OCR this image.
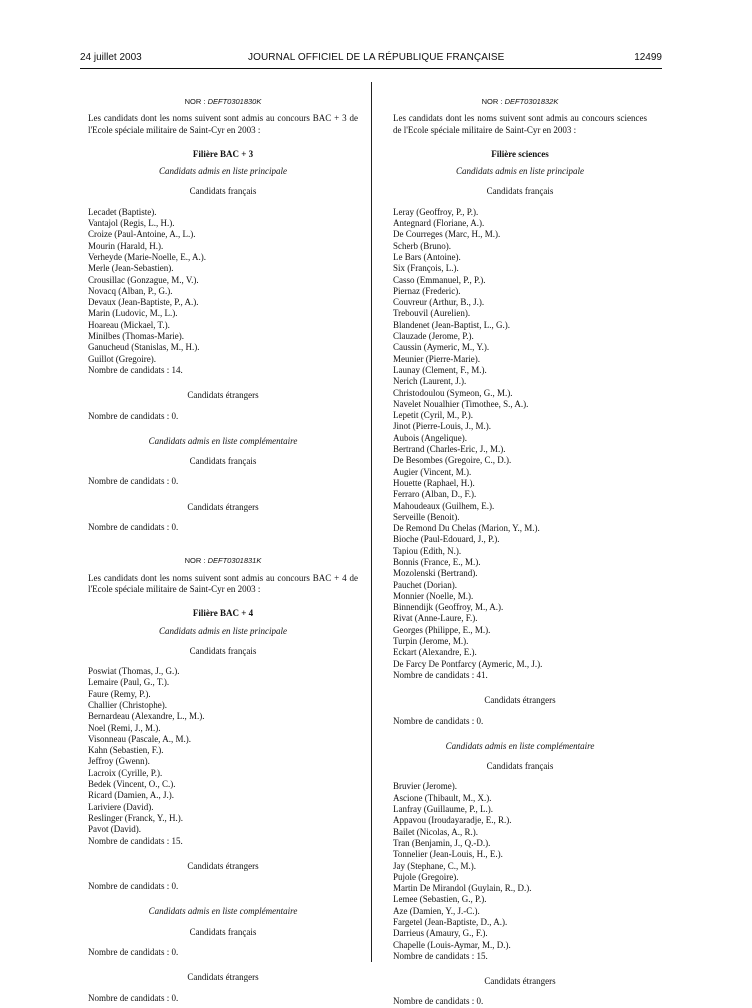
24 juillet 2003	JOURNAL OFFICIEL DE LA RÉPUBLIQUE FRANÇAISE	12499

NOR : DEFT0301830K

Les candidats dont les noms suivent sont admis au concours BAC + 3 de l'Ecole spéciale militaire de Saint-Cyr en 2003 :

Filière BAC + 3

Candidats admis en liste principale

Candidats français

Lecadet (Baptiste).
Vantajol (Regis, L., H.).
Croize (Paul-Antoine, A., L.).
Mourin (Harald, H.).
Verheyde (Marie-Noelle, E., A.).
Merle (Jean-Sebastien).
Crousillac (Gonzague, M., V.).
Novacq (Alban, P., G.).
Devaux (Jean-Baptiste, P., A.).
Marin (Ludovic, M., L.).
Hoareau (Mickael, T.).
Minilbes (Thomas-Marie).
Ganucheud (Stanislas, M., H.).
Guillot (Gregoire).

Nombre de candidats : 14.

Candidats étrangers

Nombre de candidats : 0.

Candidats admis en liste complémentaire

Candidats français

Nombre de candidats : 0.

Candidats étrangers

Nombre de candidats : 0.

NOR : DEFT0301831K

Les candidats dont les noms suivent sont admis au concours BAC + 4 de l'Ecole spéciale militaire de Saint-Cyr en 2003 :

Filière BAC + 4

Candidats admis en liste principale

Candidats français

Poswiat (Thomas, J., G.).
Lemaire (Paul, G., T.).
Faure (Remy, P.).
Challier (Christophe).
Bernardeau (Alexandre, L., M.).
Noel (Remi, J., M.).
Visonneau (Pascale, A., M.).
Kahn (Sebastien, F.).
Jeffroy (Gwenn).
Lacroix (Cyrille, P.).
Bedek (Vincent, O., C.).
Ricard (Damien, A., J.).
Lariviere (David).
Reslinger (Franck, Y., H.).
Pavot (David).

Nombre de candidats : 15.

Candidats étrangers

Nombre de candidats : 0.

Candidats admis en liste complémentaire

Candidats français

Nombre de candidats : 0.

Candidats étrangers

Nombre de candidats : 0.

NOR : DEFT0301832K

Les candidats dont les noms suivent sont admis au concours sciences de l'Ecole spéciale militaire de Saint-Cyr en 2003 :

Filière sciences

Candidats admis en liste principale

Candidats français

Leray (Geoffroy, P., P.).
Antegnard (Floriane, A.).
De Courreges (Marc, H., M.).
Scherb (Bruno).
Le Bars (Antoine).
Six (François, L.).
Casso (Emmanuel, P., P.).
Piernaz (Frederic).
Couvreur (Arthur, B., J.).
Trebouvil (Aurelien).
Blandenet (Jean-Baptist, L., G.).
Clauzade (Jerome, P.).
Caussin (Aymeric, M., Y.).
Meunier (Pierre-Marie).
Launay (Clement, F., M.).
Nerich (Laurent, J.).
Christodoulou (Symeon, G., M.).
Navelet Noualhier (Timothee, S., A.).
Lepetit (Cyril, M., P.).
Jinot (Pierre-Louis, J., M.).
Aubois (Angelique).
Bertrand (Charles-Eric, J., M.).
De Besombes (Gregoire, C., D.).
Augier (Vincent, M.).
Houette (Raphael, H.).
Ferraro (Alban, D., F.).
Mahoudeaux (Guilhem, E.).
Serveille (Benoit).
De Remond Du Chelas (Marion, Y., M.).
Bioche (Paul-Edouard, J., P.).
Tapiou (Edith, N.).
Bonnis (France, E., M.).
Mozolenski (Bertrand).
Pauchet (Dorian).
Monnier (Noelle, M.).
Binnendijk (Geoffroy, M., A.).
Rivat (Anne-Laure, F.).
Georges (Philippe, E., M.).
Turpin (Jerome, M.).
Eckart (Alexandre, E.).
De Farcy De Pontfarcy (Aymeric, M., J.).

Nombre de candidats : 41.

Candidats étrangers

Nombre de candidats : 0.

Candidats admis en liste complémentaire

Candidats français

Bruvier (Jerome).
Ascione (Thibault, M., X.).
Lanfray (Guillaume, P., L.).
Appavou (Iroudayaradje, E., R.).
Bailet (Nicolas, A., R.).
Tran (Benjamin, J., Q.-D.).
Tonnelier (Jean-Louis, H., E.).
Jay (Stephane, C., M.).
Pujole (Gregoire).
Martin De Mirandol (Guylain, R., D.).
Lemee (Sebastien, G., P.).
Aze (Damien, Y., J.-C.).
Fargetel (Jean-Baptiste, D., A.).
Darrieus (Amaury, G., F.).
Chapelle (Louis-Aymar, M., D.).

Nombre de candidats : 15.

Candidats étrangers

Nombre de candidats : 0.
